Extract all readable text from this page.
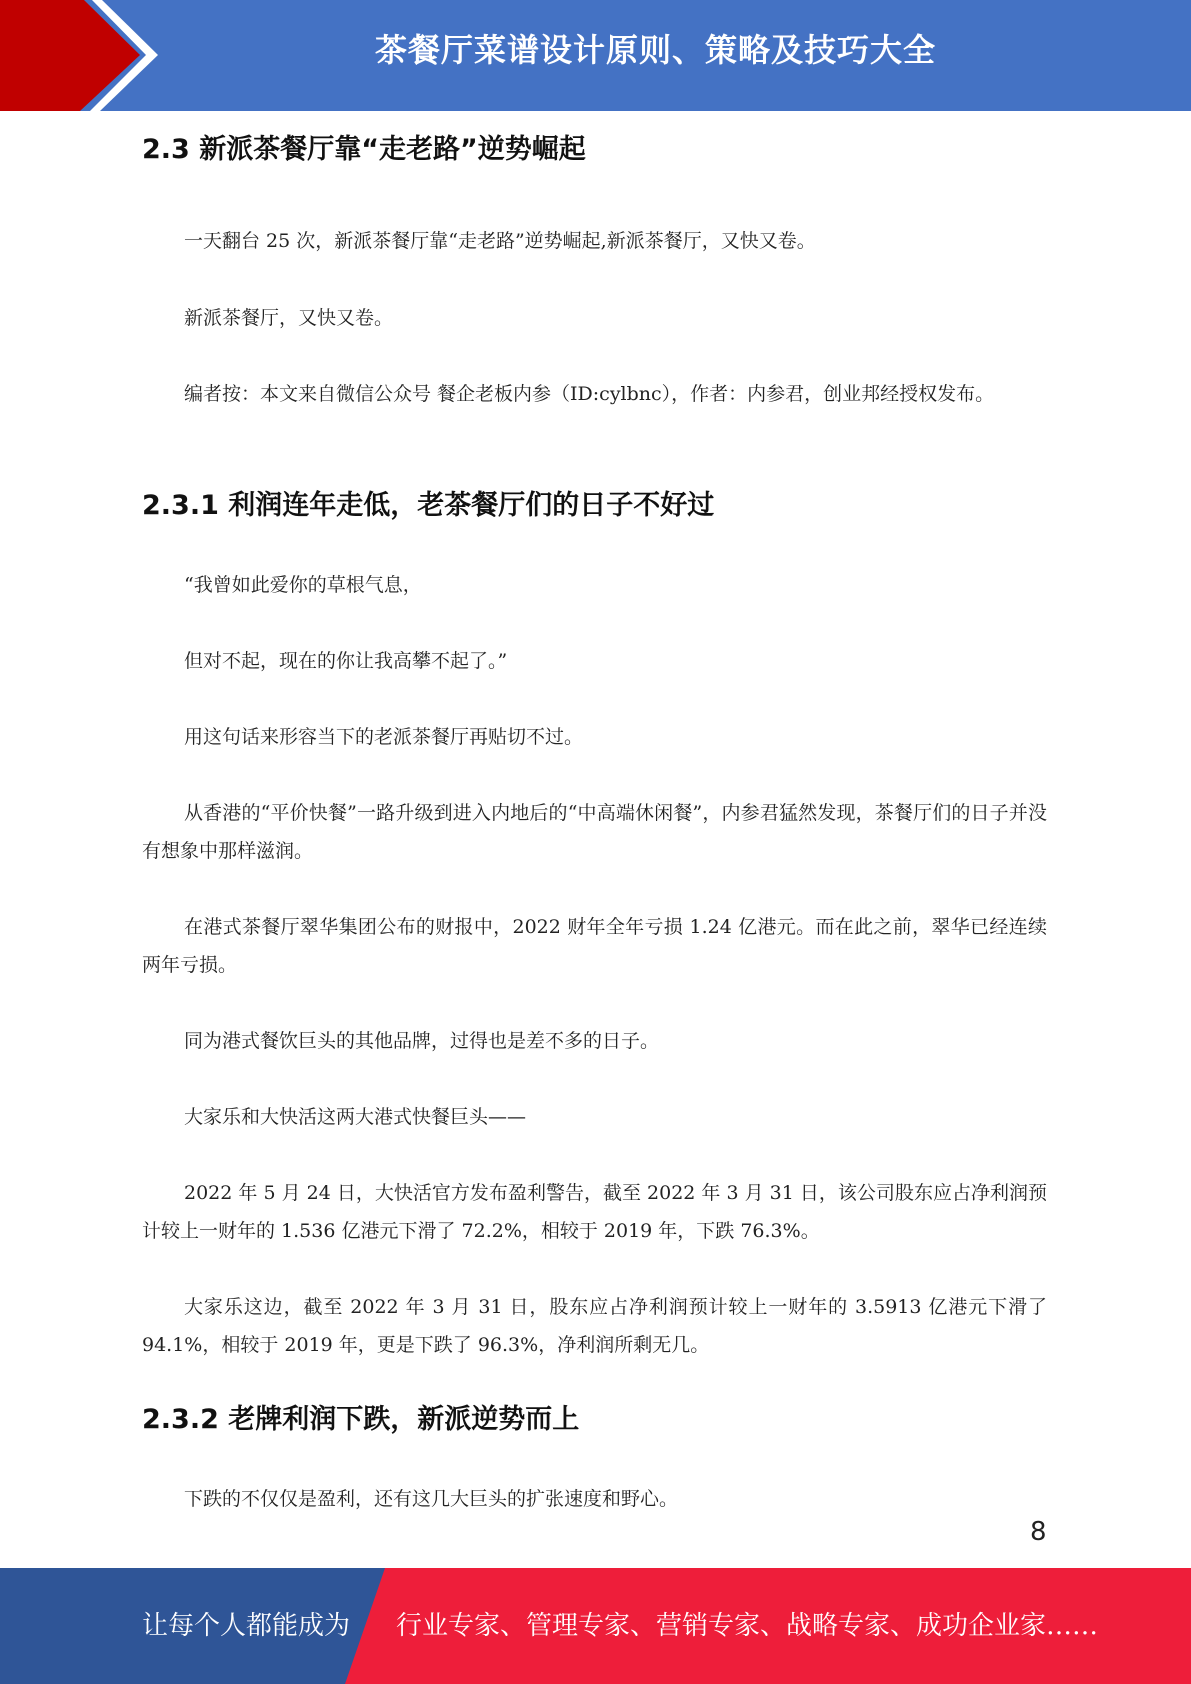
茶餐厅菜谱设计原则、策略及技巧大全
2.3 新派茶餐厅靠“走老路”逆势崛起

一天翻台 25 次，新派茶餐厅靠“走老路”逆势崛起,新派茶餐厅，又快又卷。

新派茶餐厅，又快又卷。

编者按：本文来自微信公众号 餐企老板内参（ID:cylbnc），作者：内参君，创业邦经授权发布。

2.3.1 利润连年走低，老茶餐厅们的日子不好过

“我曾如此爱你的草根气息，

但对不起，现在的你让我高攀不起了。”

用这句话来形容当下的老派茶餐厅再贴切不过。

从香港的“平价快餐”一路升级到进入内地后的“中高端休闲餐”，内参君猛然发现，茶餐厅们的日子并没有想象中那样滋润。

在港式茶餐厅翠华集团公布的财报中，2022 财年全年亏损 1.24 亿港元。而在此之前，翠华已经连续两年亏损。

同为港式餐饮巨头的其他品牌，过得也是差不多的日子。

大家乐和大快活这两大港式快餐巨头——

2022 年 5 月 24 日，大快活官方发布盈利警告，截至 2022 年 3 月 31 日，该公司股东应占净利润预计较上一财年的 1.536 亿港元下滑了 72.2%，相较于 2019 年，下跌 76.3%。

大家乐这边，截至 2022 年 3 月 31 日，股东应占净利润预计较上一财年的 3.5913 亿港元下滑了 94.1%，相较于 2019 年，更是下跌了 96.3%，净利润所剩无几。

2.3.2 老牌利润下跌，新派逆势而上

下跌的不仅仅是盈利，还有这几大巨头的扩张速度和野心。

8
让每个人都能成为 行业专家、管理专家、营销专家、战略专家、成功企业家……
